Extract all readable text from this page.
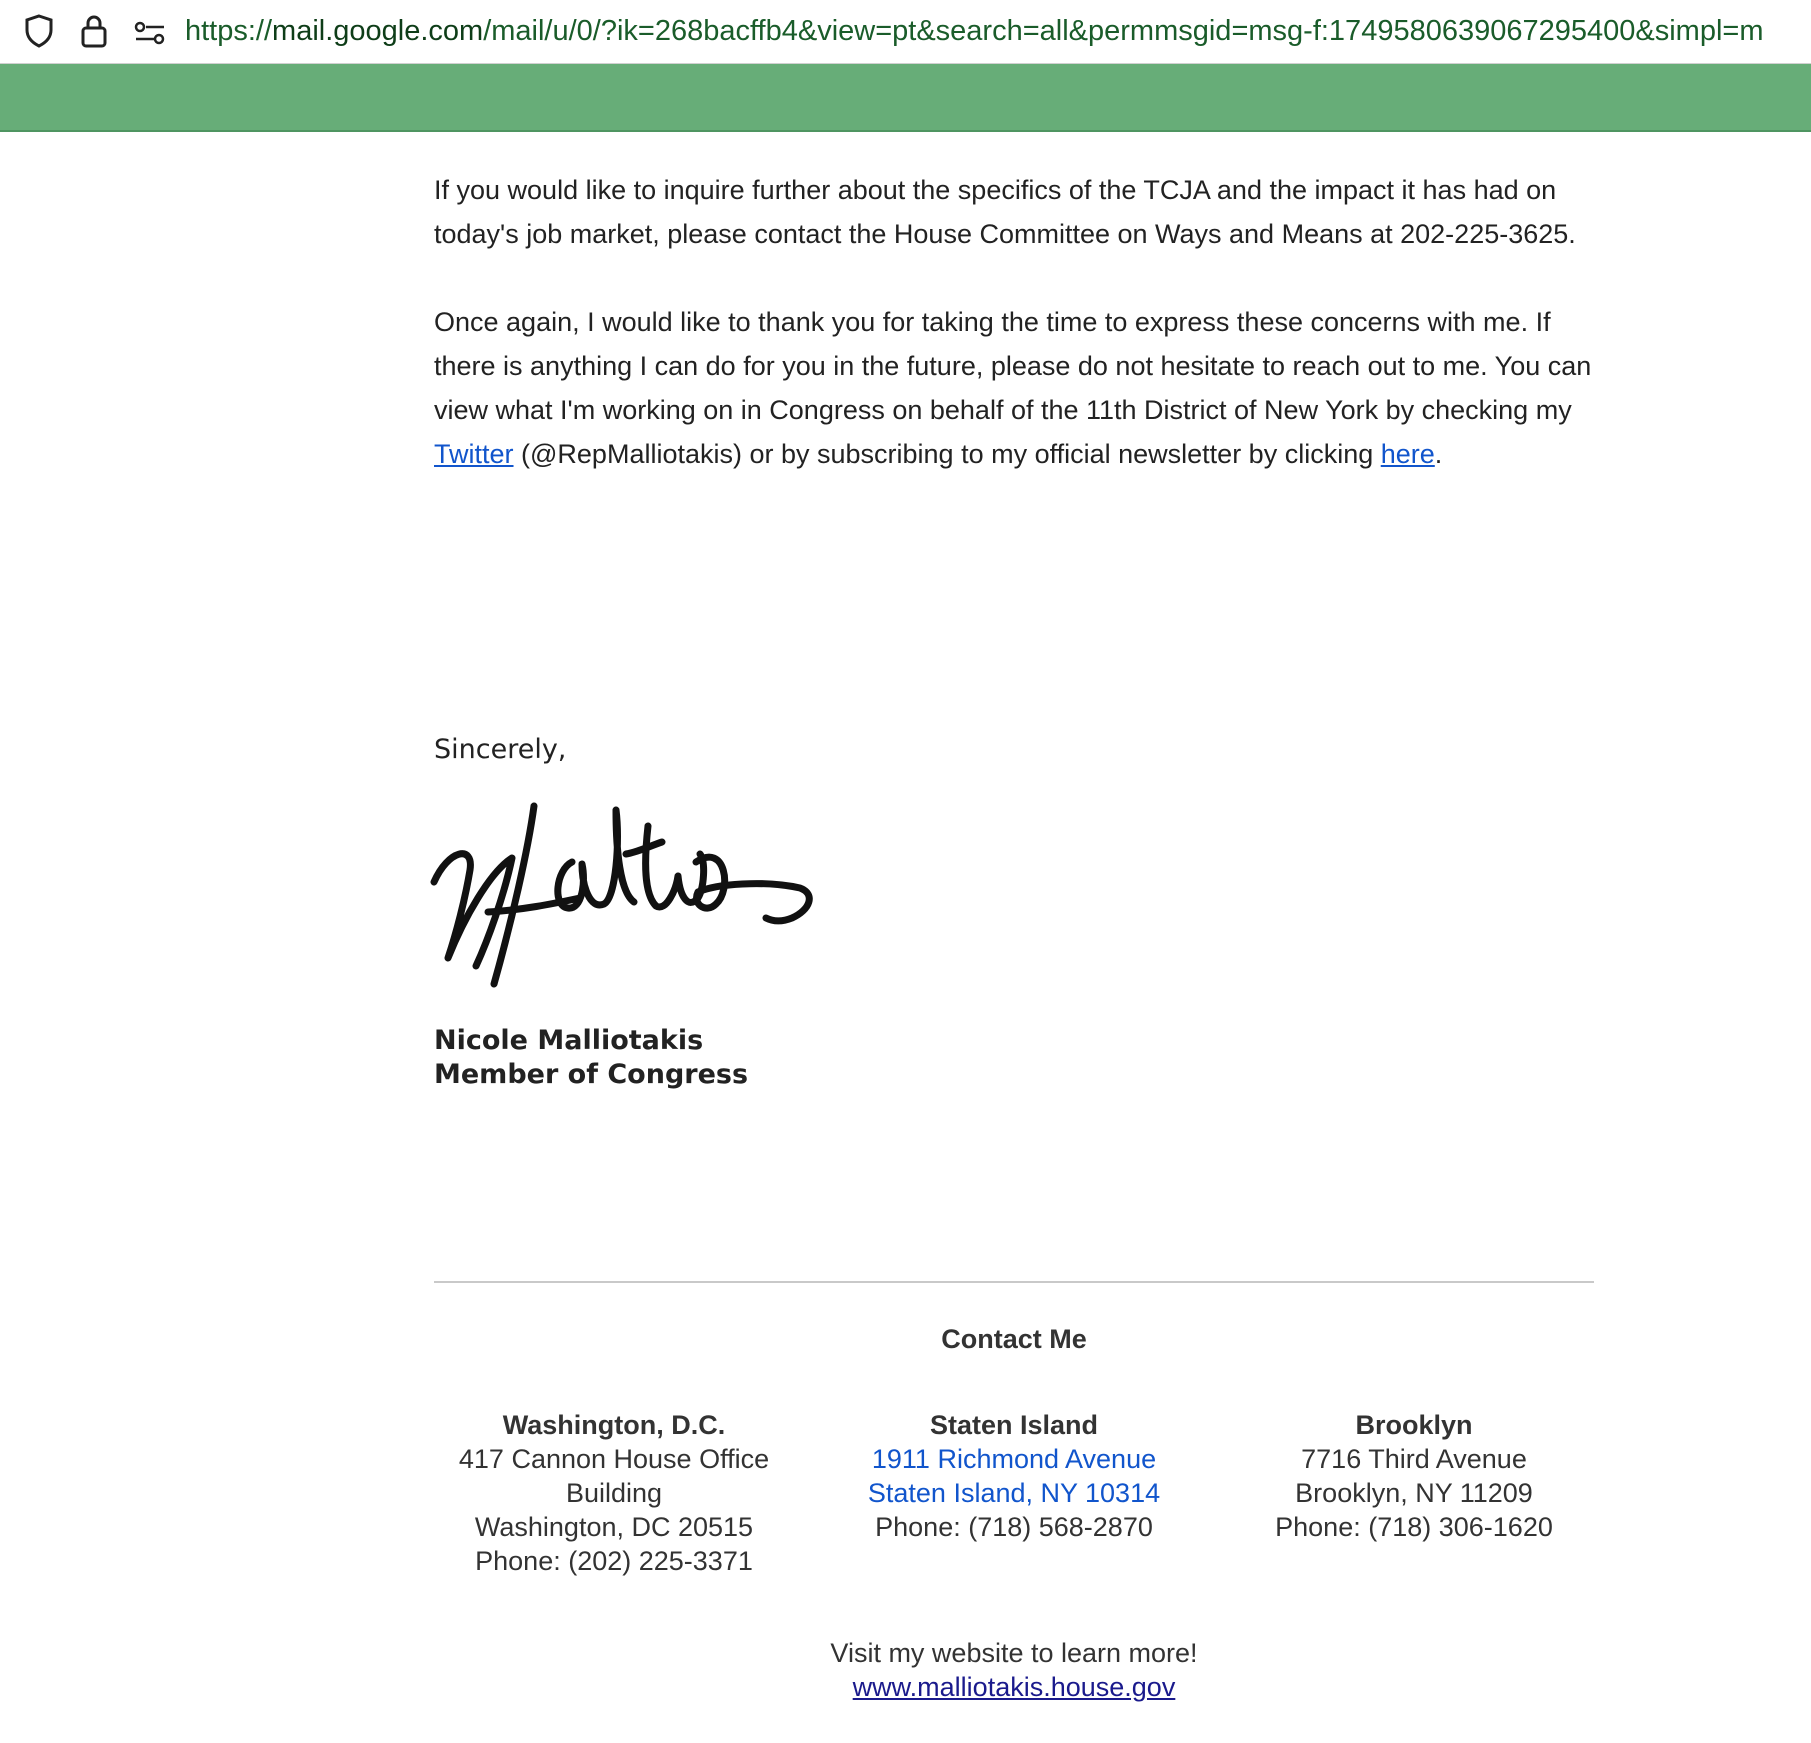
https://mail.google.com/mail/u/0/?ik=268bacffb4&view=pt&search=all&permmsgid=msg-f:1749580639067295400&simpl=m

If you would like to inquire further about the specifics of the TCJA and the impact it has had on today's job market, please contact the House Committee on Ways and Means at 202-225-3625.

Once again, I would like to thank you for taking the time to express these concerns with me. If there is anything I can do for you in the future, please do not hesitate to reach out to me. You can view what I'm working on in Congress on behalf of the 11th District of New York by checking my Twitter (@RepMalliotakis) or by subscribing to my official newsletter by clicking here.

Sincerely,
Nicole Malliotakis
Member of Congress
Contact Me
Washington, D.C.
417 Cannon House Office
Building
Washington, DC 20515
Phone: (202) 225-3371
Staten Island
1911 Richmond Avenue
Staten Island, NY 10314
Phone: (718) 568-2870
Brooklyn
7716 Third Avenue
Brooklyn, NY 11209
Phone: (718) 306-1620
Visit my website to learn more!
www.malliotakis.house.gov
